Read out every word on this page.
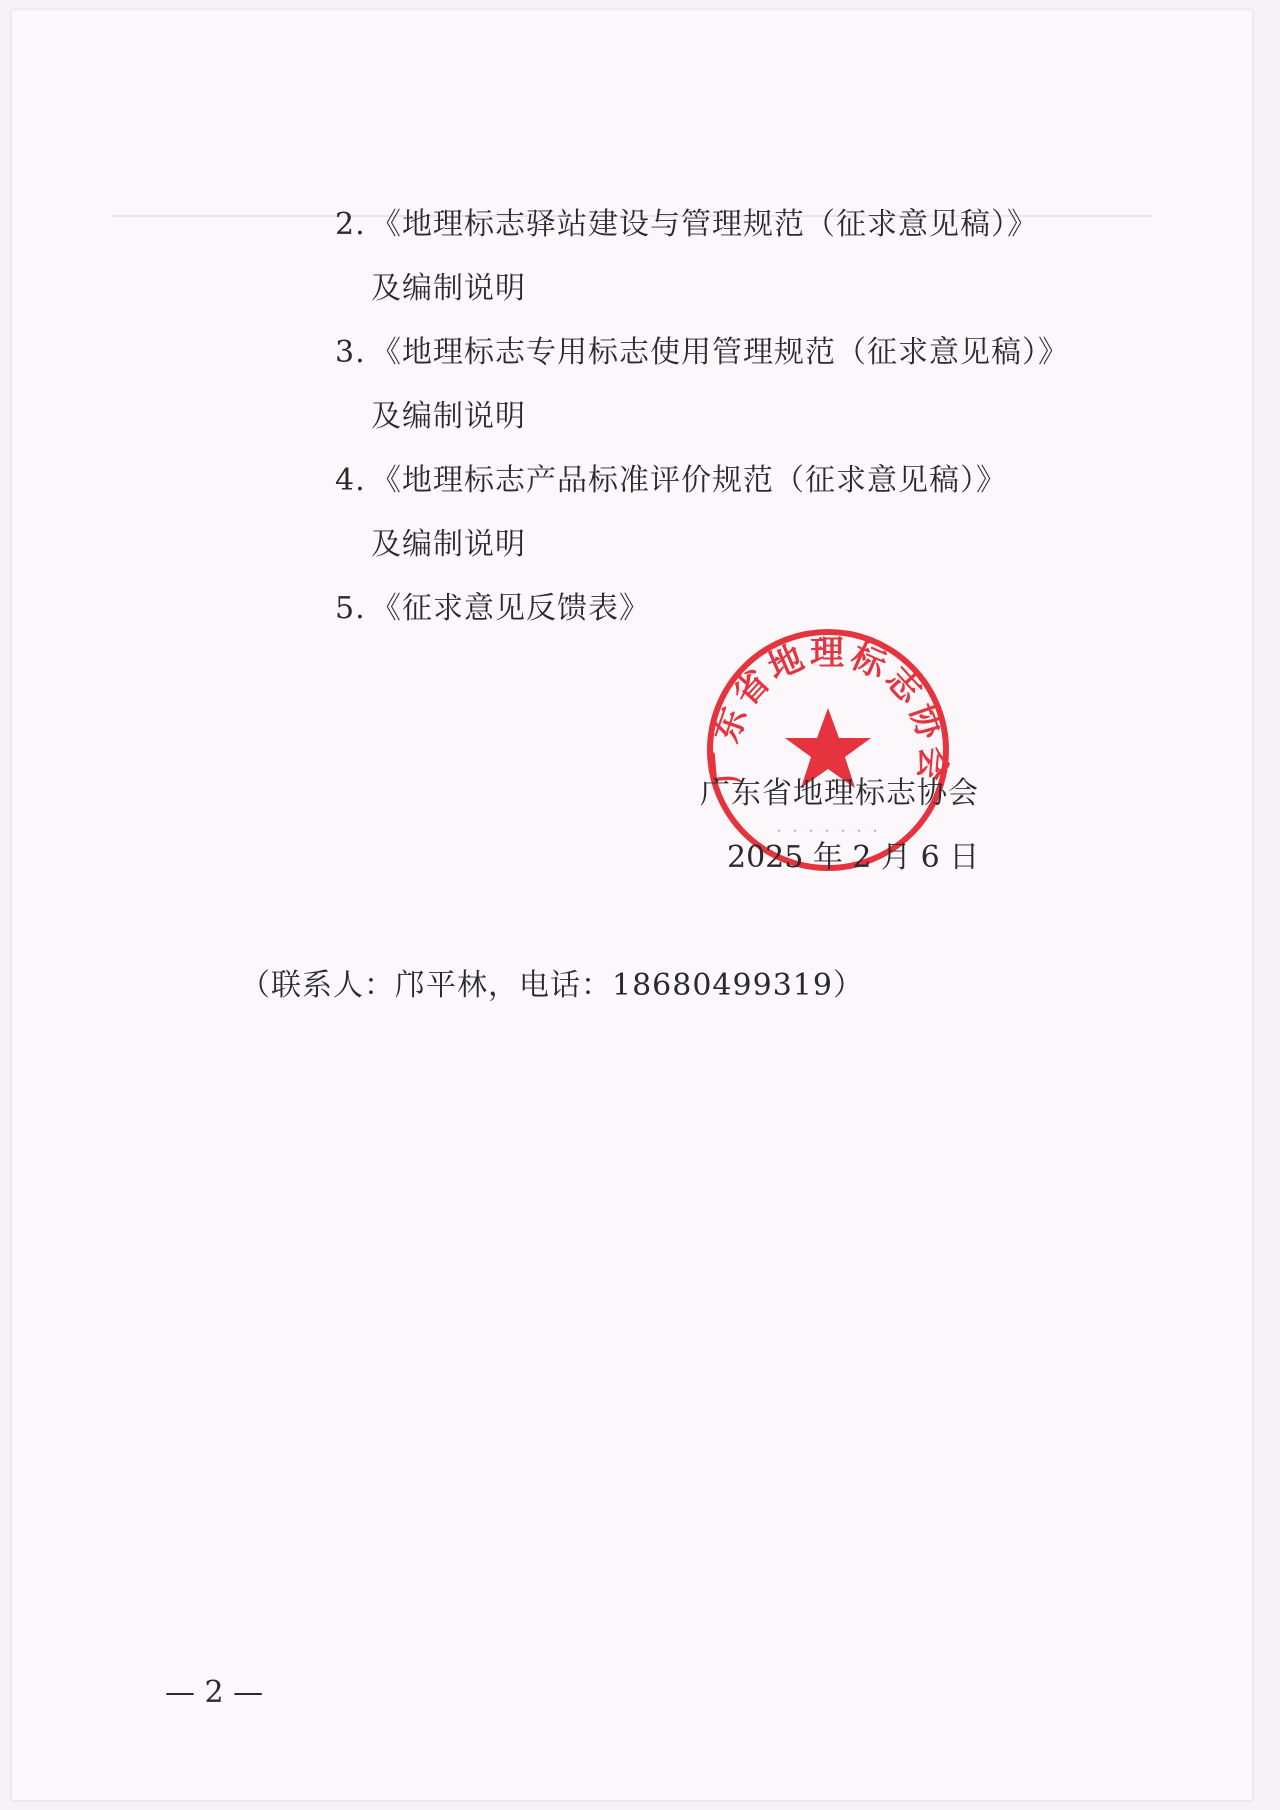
2. 《地理标志驿站建设与管理规范（征求意见稿）》
及编制说明
3. 《地理标志专用标志使用管理规范（征求意见稿）》
及编制说明
4. 《地理标志产品标准评价规范（征求意见稿）》
及编制说明
5. 《征求意见反馈表》
广东省地理标志协会
· · · · · · ·
广东省地理标志协会
2025 年 2 月 6 日
（联系人：邝平林，电话：18680499319）
— 2 —
